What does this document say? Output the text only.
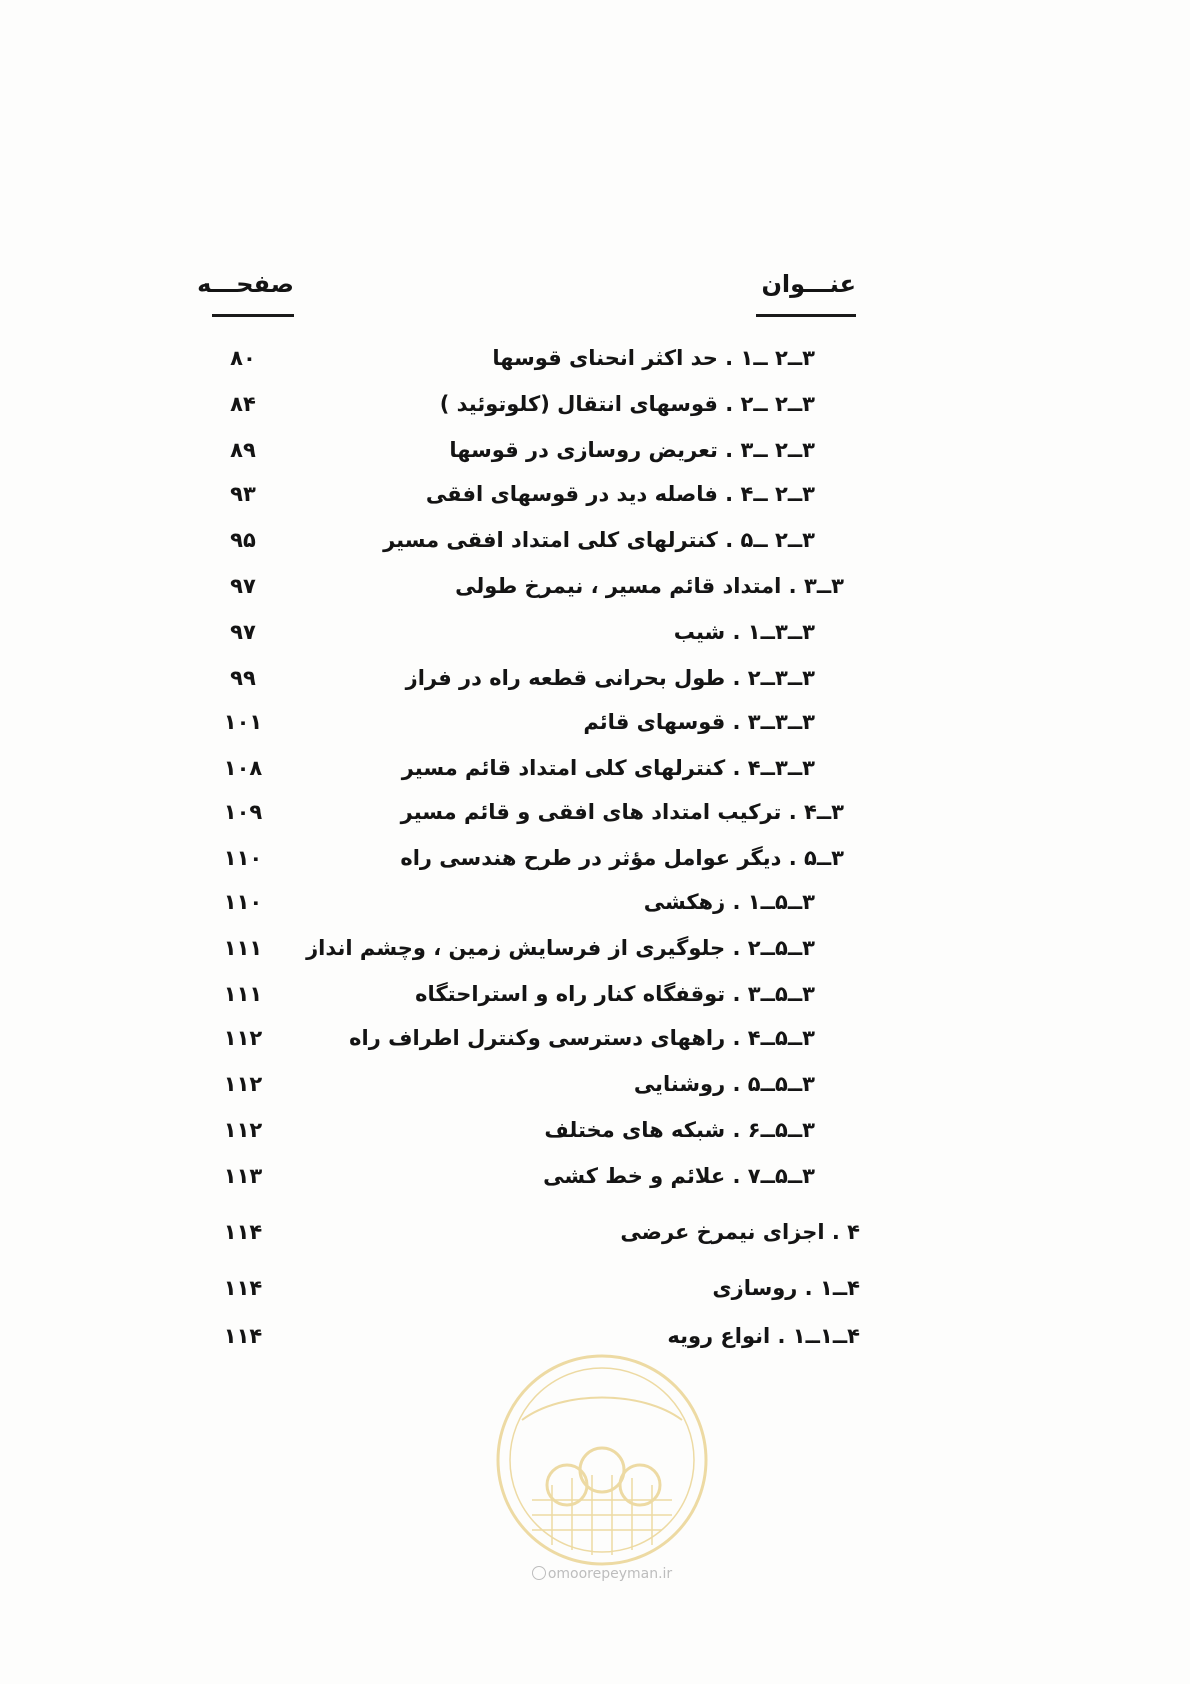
عنـــوان
صفحـــه
۳ــ۲ ــ۱ . حد اکثر انحنای قوسها
۸۰
۳ــ۲ ــ۲ . قوسهای انتقال (کلوتوئید )
۸۴
۳ــ۲ ــ۳ . تعریض روسازی در قوسها
۸۹
۳ــ۲ ــ۴ . فاصله دید در قوسهای افقی
۹۳
۳ــ۲ ــ۵ . کنترلهای کلی امتداد افقی مسیر
۹۵
۳ــ۳ . امتداد قائم مسیر ، نیمرخ طولی
۹۷
۳ــ۳ــ۱ . شیب
۹۷
۳ــ۳ــ۲ . طول بحرانی قطعه راه در فراز
۹۹
۳ــ۳ــ۳ . قوسهای قائم
۱۰۱
۳ــ۳ــ۴ . کنترلهای کلی امتداد قائم مسیر
۱۰۸
۳ــ۴ . ترکیب امتداد های افقی و قائم مسیر
۱۰۹
۳ــ۵ . دیگر عوامل مؤثر در طرح هندسی راه
۱۱۰
۳ــ۵ــ۱ . زهکشی
۱۱۰
۳ــ۵ــ۲ . جلوگیری از فرسایش زمین ، وچشم انداز
۱۱۱
۳ــ۵ــ۳ . توقفگاه کنار راه و استراحتگاه
۱۱۱
۳ــ۵ــ۴ . راههای دسترسی وکنترل اطراف راه
۱۱۲
۳ــ۵ــ۵ . روشنایی
۱۱۲
۳ــ۵ــ۶ . شبکه های مختلف
۱۱۲
۳ــ۵ــ۷ . علائم و خط کشی
۱۱۳
۴ . اجزای نیمرخ عرضی
۱۱۴
۴ــ۱ . روسازی
۱۱۴
۴ــ۱ــ۱ . انواع رویه
۱۱۴
omoorepeyman.ir
